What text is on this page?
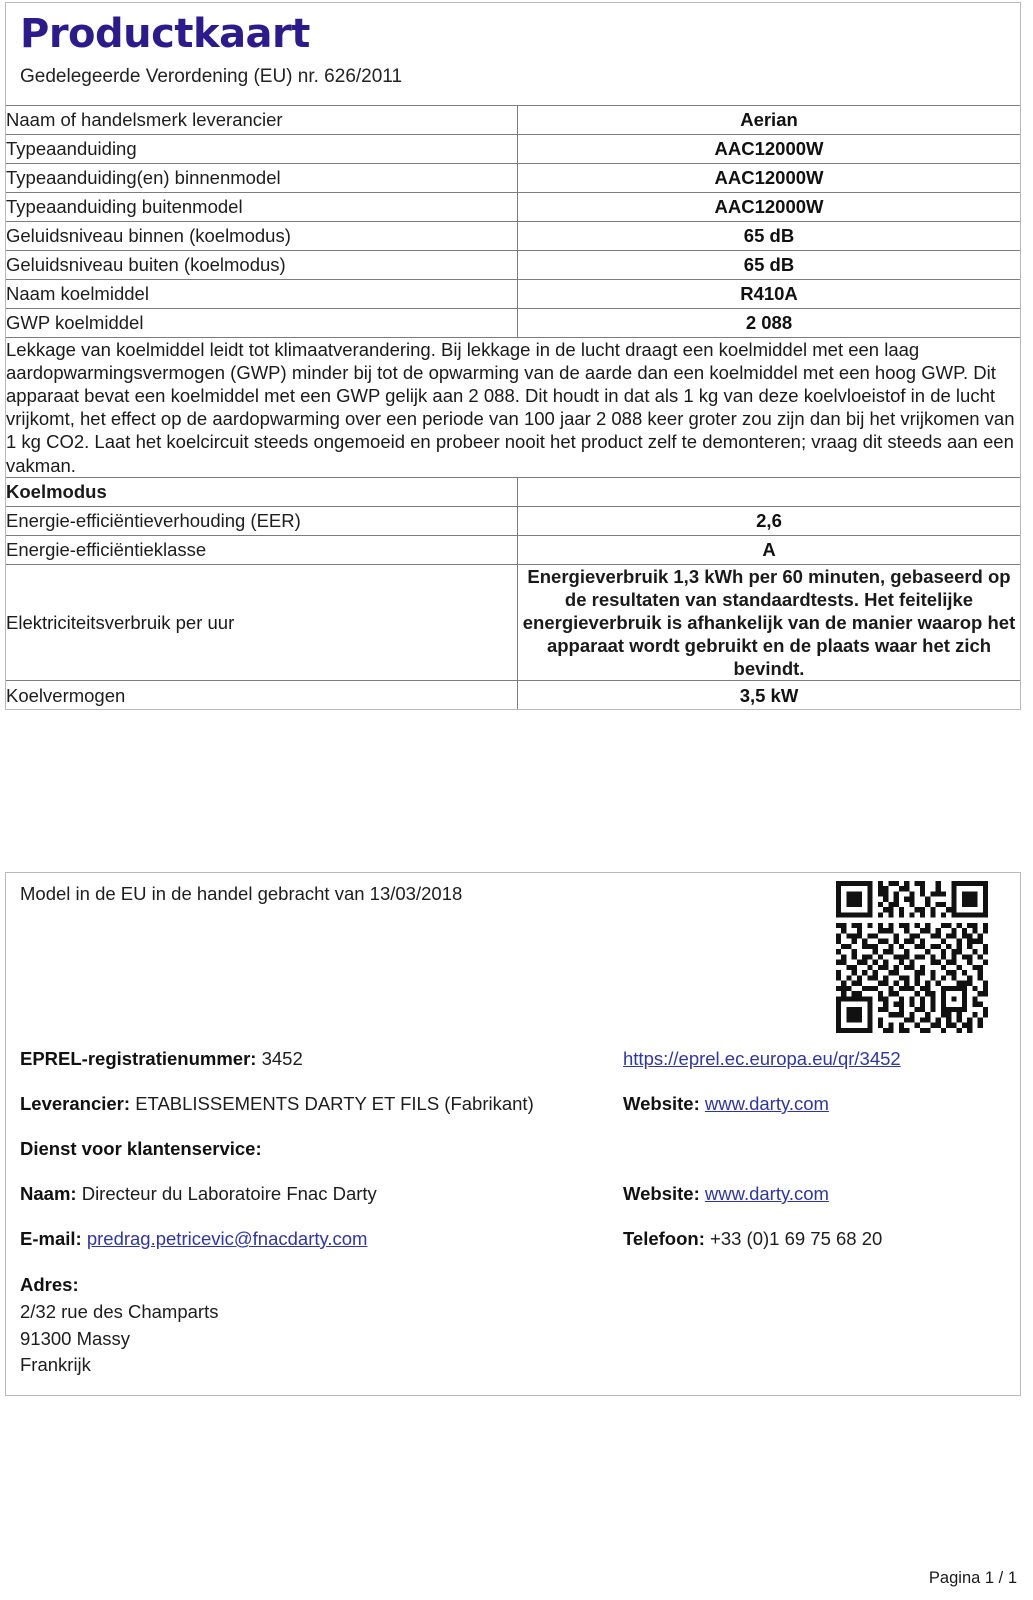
Productkaart
Gedelegeerde Verordening (EU) nr. 626/2011
Naam of handelsmerk leverancier	Aerian
Typeaanduiding	AAC12000W
Typeaanduiding(en) binnenmodel	AAC12000W
Typeaanduiding buitenmodel	AAC12000W
Geluidsniveau binnen (koelmodus)	65 dB
Geluidsniveau buiten (koelmodus)	65 dB
Naam koelmiddel	R410A
GWP koelmiddel	2 088
Lekkage van koelmiddel leidt tot klimaatverandering. Bij lekkage in de lucht draagt een koelmiddel met een laag aardopwarmingsvermogen (GWP) minder bij tot de opwarming van de aarde dan een koelmiddel met een hoog GWP. Dit apparaat bevat een koelmiddel met een GWP gelijk aan 2 088. Dit houdt in dat als 1 kg van deze koelvloeistof in de lucht vrijkomt, het effect op de aardopwarming over een periode van 100 jaar 2 088 keer groter zou zijn dan bij het vrijkomen van 1 kg CO2. Laat het koelcircuit steeds ongemoeid en probeer nooit het product zelf te demonteren; vraag dit steeds aan een vakman.	
Koelmodus	
Energie-efficiëntieverhouding (EER)	2,6
Energie-efficiëntieklasse	A
Elektriciteitsverbruik per uur	Energieverbruik 1,3 kWh per 60 minuten, gebaseerd op de resultaten van standaardtests. Het feitelijke energieverbruik is afhankelijk van de manier waarop het apparaat wordt gebruikt en de plaats waar het zich bevindt.
Koelvermogen	3,5 kW
Model in de EU in de handel gebracht van 13/03/2018
EPREL-registratienummer: 3452	https://eprel.ec.europa.eu/qr/3452
Leverancier: ETABLISSEMENTS DARTY ET FILS (Fabrikant)	Website: www.darty.com
Dienst voor klantenservice:
Naam: Directeur du Laboratoire Fnac Darty	Website: www.darty.com
E-mail: predrag.petricevic@fnacdarty.com	Telefoon: +33 (0)1 69 75 68 20
Adres:
2/32 rue des Champarts
91300 Massy
Frankrijk
Pagina 1 / 1
